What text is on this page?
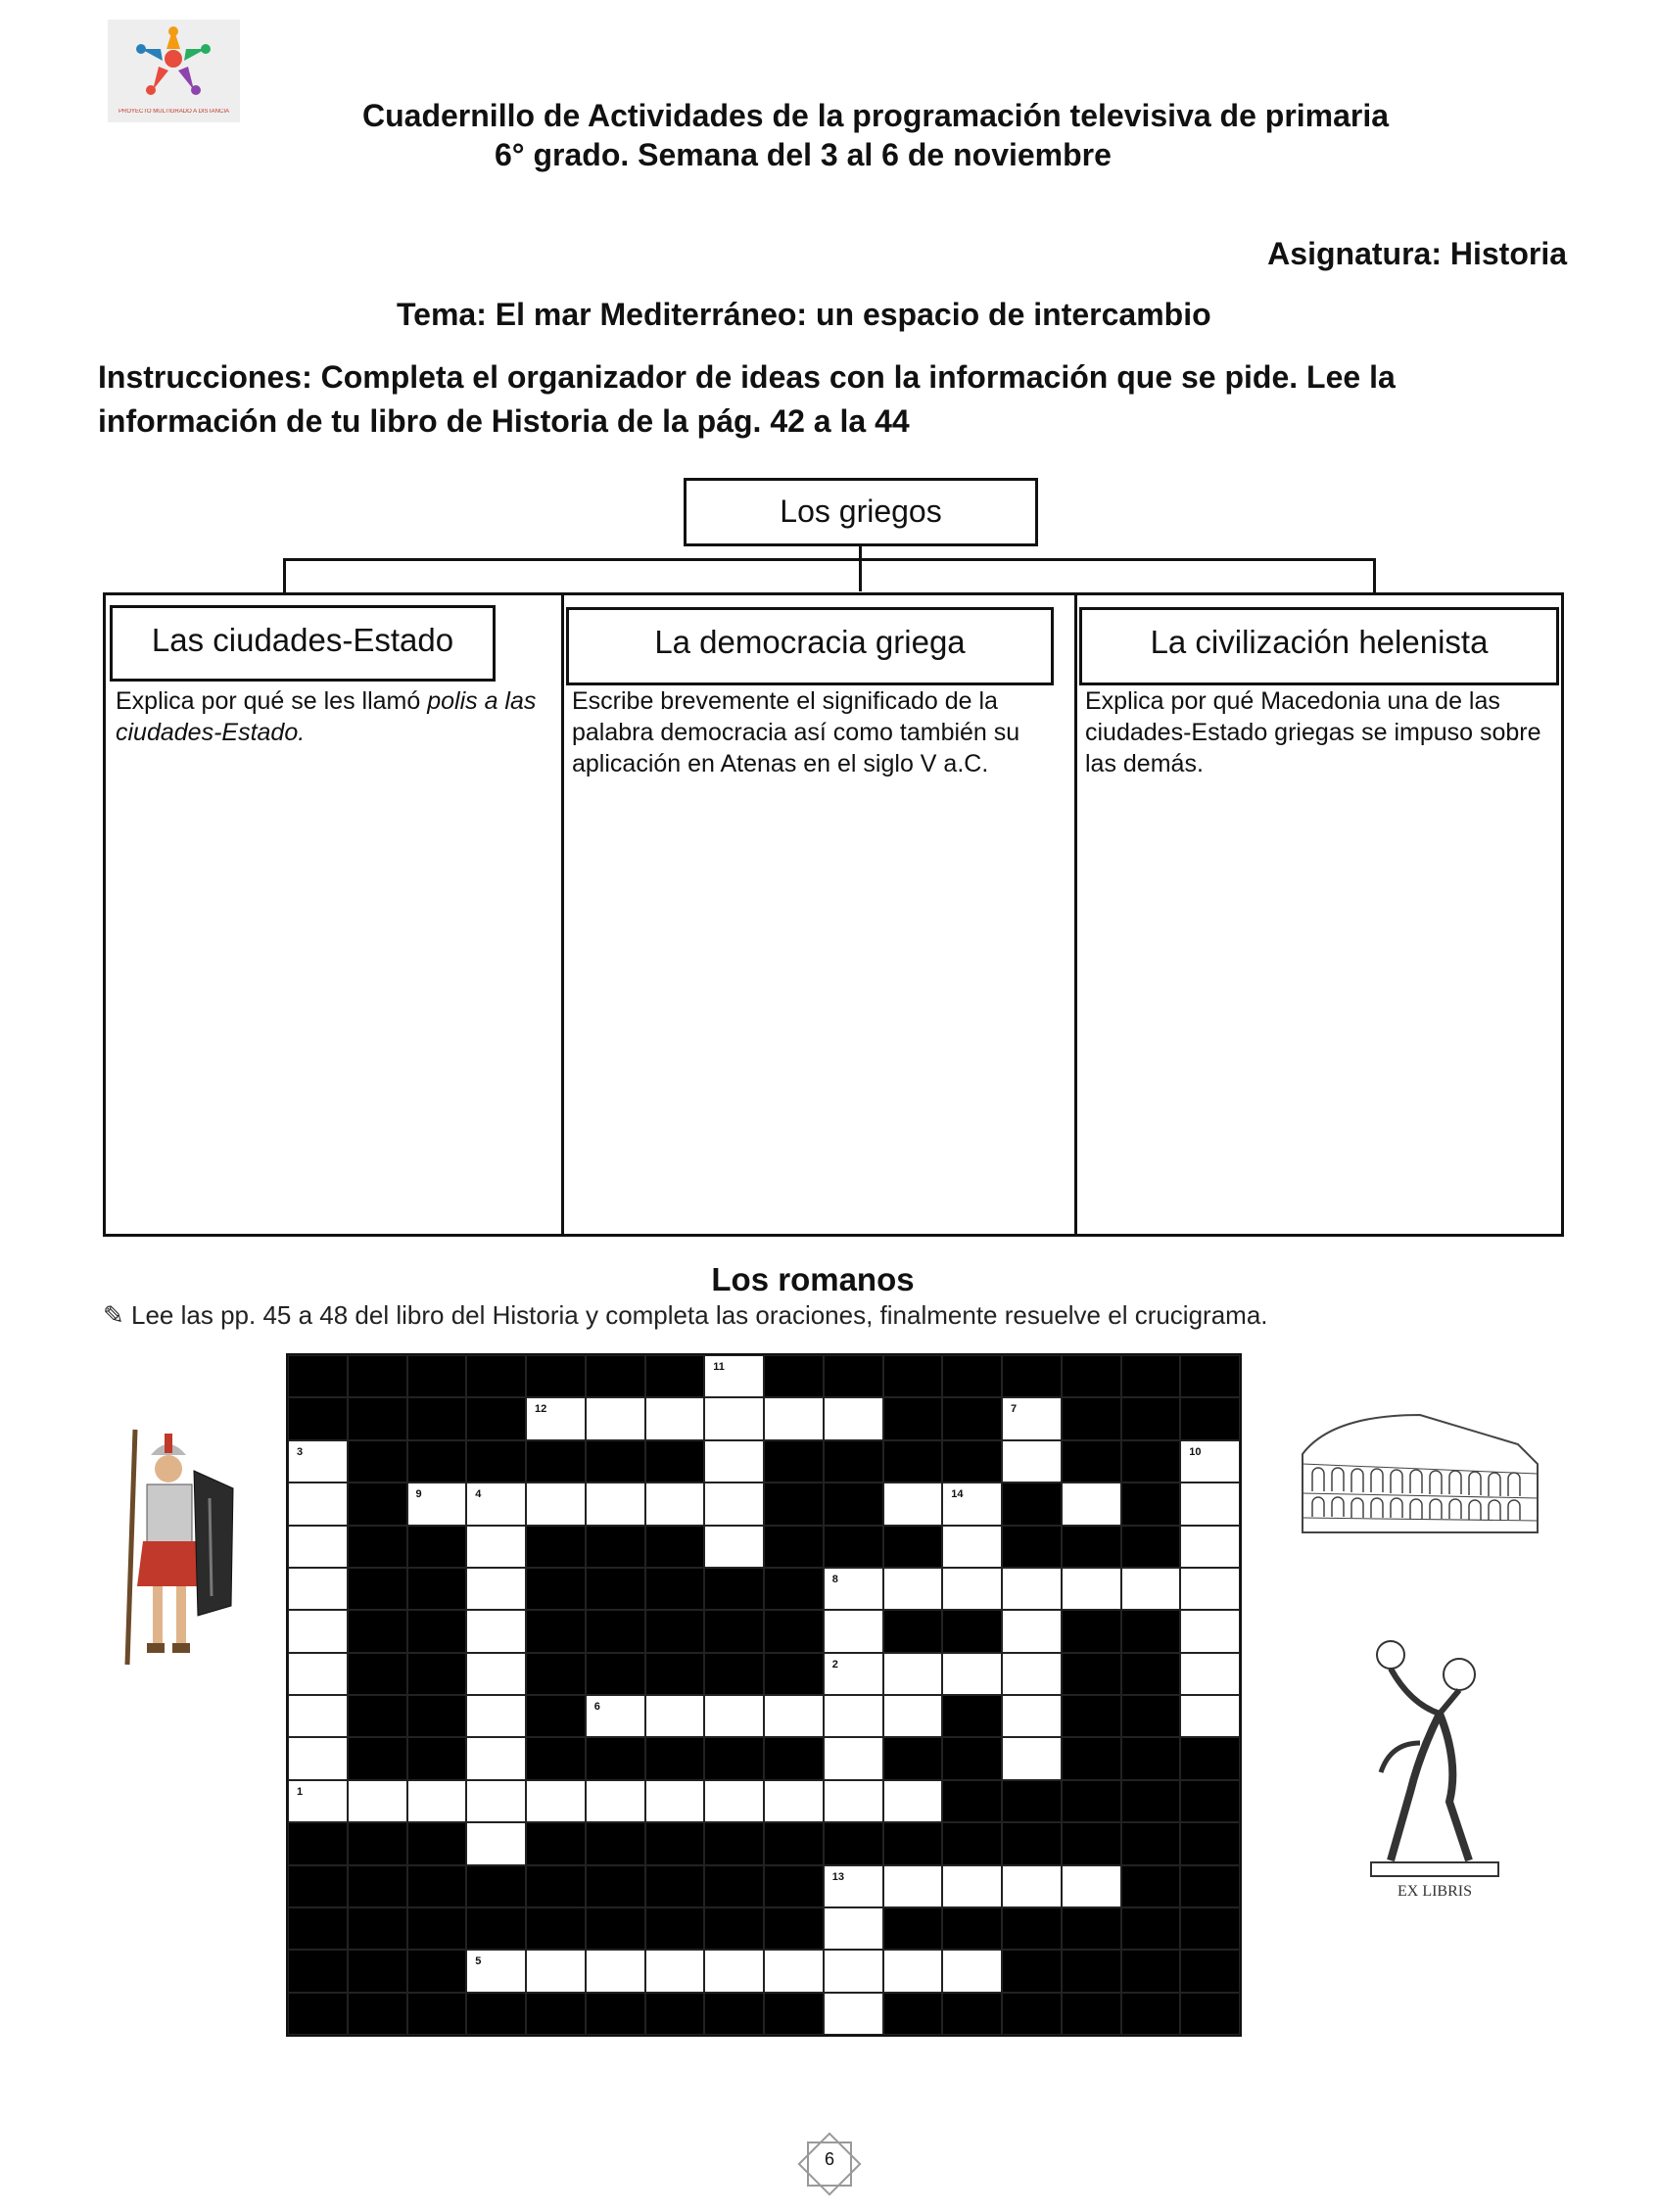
PROYECTO MULTIGRADO A DISTANCIA	Cuadernillo de Actividades de la programación televisiva de primaria
6° grado. Semana del 3 al 6 de noviembre
Asignatura: Historia
Tema: El mar Mediterráneo: un espacio de intercambio
Instrucciones: Completa el organizador de ideas con la información que se pide. Lee la información de tu libro de Historia de la pág. 42 a la 44
Los griegos
Las ciudades-Estado	La democracia griega	La civilización helenista
Explica por qué se les llamó polis a las ciudades-Estado.
Escribe brevemente el significado de la palabra democracia así como también su aplicación en Atenas en el siglo V a.C.
Explica por qué Macedonia una de las ciudades-Estado griegas se impuso sobre las demás.
Los romanos
✎ Lee las pp. 45 a 48 del libro del Historia y completa las oraciones, finalmente resuelve el crucigrama.
11
12	7
3	10
9	4	14
8
2
6
1
13
5
EX LIBRIS
6
